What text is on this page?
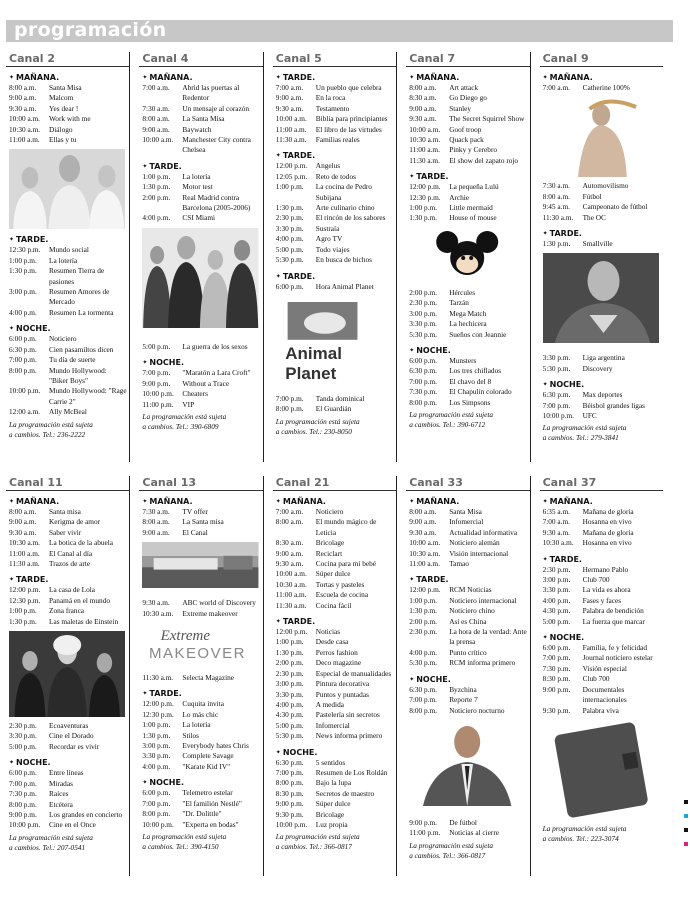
programación
Canal 2
✦ MAÑANA.
8:00 a.m.	Santa Misa
9:00 a.m.	Malcom
9:30 a.m.	Yes dear !
10:00 a.m.	Work with me
10:30 a.m.	Diálogo
11:00 a.m.	Ellas y tu
✦ TARDE.
12:30 p.m.	Mundo social
1:00 p.m.	La lotería
1:30 p.m.	Resumen Tierra de pasiones
3:00 p.m.	Resumen Amores de Mercado
4:00 p.m.	Resumen La tormenta
✦ NOCHE.
6:00 p.m.	Noticiero
6:30 p.m.	Cien pasamiltos dicen
7:00 p.m.	Tu día de suerte
8:00 p.m.	Mundo Hollywood: "Biker Boys"
10:00 p.m.	Mundo Hollywood: "Rage Carrie 2"
12:00 a.m.	Ally McBeal
La programación está sujeta
a cambios. Tel.: 236-2222
Canal 4
✦ MAÑANA.
7:00 a.m.	Abrid las puertas al Redentor
7:30 a.m.	Un mensaje al corazón
8:00 a.m.	La Santa Misa
9:00 a.m.	Baywatch
10:00 a.m.	Manchester City contra Chelsea
✦ TARDE.
1:00 p.m.	La lotería
1:30 p.m.	Motor test
2:00 p.m.	Real Madrid contra Barcelona (2005-2006)
4:00 p.m.	CSI Miami
5:00 p.m.	La guerra de los sexos
✦ NOCHE.
7:00 p.m.	"Maratón a Lara Croft"
9:00 p.m.	Without a Trace
10:00 p.m.	Cheaters
11:00 p.m.	VIP
La programación está sujeta
a cambios. Tel.: 390-6809
Canal 5
✦ TARDE.
7:00 a.m.	Un pueblo que celebra
9:00 a.m.	En la roca
9:30 a.m.	Testamento
10:00 a.m.	Biblia para principiantes
11:00 a.m.	El libro de las virtudes
11:30 a.m.	Familias reales
✦ TARDE.
12:00 p.m.	Angelus
12:05 p.m.	Reto de todos
1:00 p.m.	La cocina de Pedro Subijana
1:30 p.m.	Arte culinario chino
2:30 p.m.	El rincón de los sabores
3:30 p.m.	Sustraía
4:00 p.m.	Agro TV
5:00 p.m.	Todo viajes
5:30 p.m.	En busca de bichos
✦ TARDE.
6:00 p.m.	Hora Animal Planet
Animal
Planet
7:00 p.m.	Tanda dominical
8:00 p.m.	El Guardián
La programación está sujeta
a cambios. Tel.: 230-8050
Canal 7
✦ MAÑANA.
8:00 a.m.	Art attack
8:30 a.m.	Go Diego go
9:00 a.m.	Stanley
9:30 a.m.	The Secret Squirrel Show
10:00 a.m.	Goof troop
10:30 a.m.	Quack pack
11:00 a.m.	Pinky y Cerebro
11:30 a.m.	El show del zapato rojo
✦ TARDE.
12:00 p.m.	La pequeña Lulú
12:30 p.m.	Archie
1:00 p.m.	Little mermaid
1:30 p.m.	House of mouse
2:00 p.m.	Hércules
2:30 p.m.	Tarzán
3:00 p.m.	Mega Match
3:30 p.m.	La hechicera
5:30 p.m.	Sueños con Jeannie
✦ NOCHE.
6:00 p.m.	Munsters
6:30 p.m.	Los tres chiflados
7:00 p.m.	El chavo del 8
7:30 p.m.	El Chapulín colorado
8:00 p.m.	Los Simpsons
La programación está sujeta
a cambios. Tel.: 390-6712
Canal 9
✦ MAÑANA.
7:00 a.m.	Catherine 100%
7:30 a.m.	Automovilismo
8:00 a.m.	Fútbol
9:45 a.m.	Campeonato de fútbol
11:30 a.m.	The OC
✦ TARDE.
1:30 p.m.	Smallville
3:30 p.m.	Liga argentina
5:30 p.m.	Discovery
✦ NOCHE.
6:30 p.m.	Max deportes
7:00 p.m.	Béisbol grandes ligas
10:00 p.m.	UFC
La programación está sujeta
a cambios. Tel.: 279-3841
Canal 11
✦ MAÑANA.
8:00 a.m.	Santa misa
9:00 a.m.	Kerigma de amor
9:30 a.m.	Saber vivir
10:30 a.m.	La botica de la abuela
11:00 a.m.	El Canal al día
11:30 a.m.	Trazos de arte
✦ TARDE.
12:00 p.m.	La casa de Lola
12:30 p.m.	Panamá en el mundo
1:00 p.m.	Zona franca
1:30 p.m.	Las maletas de Einstein
2:30 p.m.	Ecoaventuras
3:30 p.m.	Cine el Dorado
5:00 p.m.	Recordar es vivir
✦ NOCHE.
6:00 p.m.	Entre líneas
7:00 p.m.	Miradas
7:30 p.m.	Raíces
8:00 p.m.	Etcétera
9:00 p.m.	Los grandes en concierto
10:00 p.m.	Cine en el Once
La programación está sujeta
a cambios. Tel.: 207-0541
Canal 13
✦ MAÑANA.
7:30 a.m.	TV offer
8:00 a.m.	La Santa misa
9:00 a.m.	El Canal
9:30 a.m.	ABC world of Discovery
10:30 a.m.	Extreme makeover
Extreme
MAKEOVER
11:30 a.m.	Selecta Magazine
✦ TARDE.
12:00 p.m.	Cuquita invita
12:30 p.m.	Lo más chic
1:00 p.m.	La lotería
1:30 p.m.	Stilos
3:00 p.m.	Everybody hates Chris
3:30 p.m.	Complete Savage
4:00 p.m.	"Karate Kid IV"
✦ NOCHE.
6:00 p.m.	Telemetro estelar
7:00 p.m.	"El familión Nestlé"
8:00 p.m.	"Dr. Dolittle"
10:00 p.m.	"Experta en bodas"
La programación está sujeta
a cambios. Tel.: 390-4150
Canal 21
✦ MAÑANA.
7:00 a.m.	Noticiero
8:00 a.m.	El mundo mágico de Leticia
8:30 a.m.	Bricolage
9:00 a.m.	Reciclart
9:30 a.m.	Cocina para mi bebé
10:00 a.m.	Súper dulce
10:30 a.m.	Tortas y pasteles
11:00 a.m.	Escuela de cocina
11:30 a.m.	Cocina fácil
✦ TARDE.
12:00 p.m.	Noticias
1:00 p.m.	Desde casa
1:30 p.m.	Perros fashion
2:00 p.m.	Deco magazine
2:30 p.m.	Especial de manualidades
3:00 p.m.	Pintura decorativa
3:30 p.m.	Puntos y puntadas
4:00 p.m.	A medida
4:30 p.m.	Pastelería sin secretos
5:00 p.m.	Infomercial
5:30 p.m.	News informa primero
✦ NOCHE.
6:30 p.m.	5 sentidos
7:00 p.m.	Resumen de Los Roldán
8:00 p.m.	Bajo la lupa
8:30 p.m.	Secretos de maestro
9:00 p.m.	Súper dulce
9:30 p.m.	Bricolage
10:00 p.m.	Luz propia
La programación está sujeta
a cambios. Tel.: 366-0817
Canal 33
✦ MAÑANA.
8:00 a.m.	Santa Misa
9:00 a.m.	Infomercial
9:30 a.m.	Actualidad informativa
10:00 a.m.	Noticiero alemán
10:30 a.m.	Visión internacional
11:00 a.m.	Tamao
✦ TARDE.
12:00 p.m.	RCM Noticias
1:00 p.m.	Noticiero internacional
1:30 p.m.	Noticiero chino
2:00 p.m.	Así es China
2:30 p.m.	La hora de la verdad: Ante la prensa
4:00 p.m.	Punto crítico
5:30 p.m.	RCM informa primero
✦ NOCHE.
6:30 p.m.	Byzchina
7:00 p.m.	Reporte 7
8:00 p.m.	Noticiero nocturno
9:00 p.m.	De fútbol
11:00 p.m.	Noticias al cierre
La programación está sujeta
a cambios. Tel.: 366-0817
Canal 37
✦ MAÑANA.
6:35 a.m.	Mañana de gloria
7:00 a.m.	Hosanna en vivo
9:30 a.m.	Mañana de gloria
10:30 a.m.	Hosanna en vivo
✦ TARDE.
2:30 p.m.	Hermano Pablo
3:00 p.m.	Club 700
3:30 p.m.	La vida es ahora
4:00 p.m.	Fases y faces
4:30 p.m.	Palabra de bendición
5:00 p.m.	La fuerza que marcar
✦ NOCHE.
6:00 p.m.	Familia, fe y felicidad
7:00 p.m.	Journal noticiero estelar
7:30 p.m.	Visión especial
8:30 p.m.	Club 700
9:00 p.m.	Documentales internacionales
9:30 p.m.	Palabra viva
La programación está sujeta
a cambios. Tel.: 223-3074
